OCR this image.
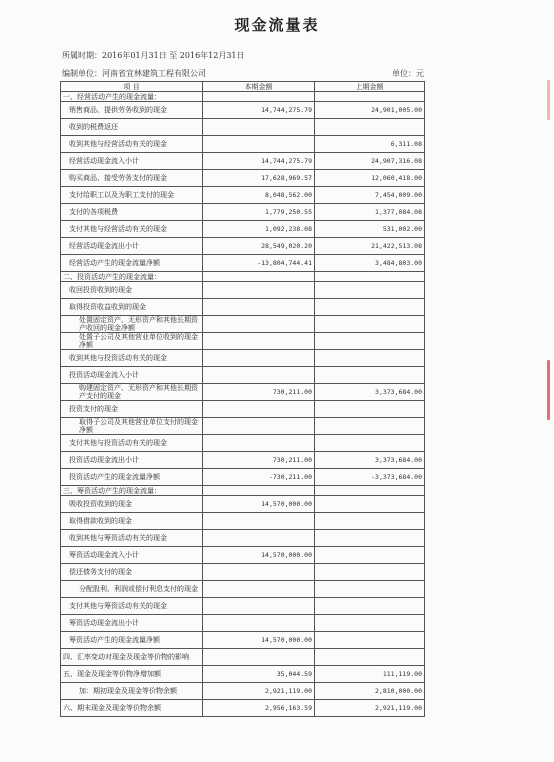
现金流量表
所属时期：2016年01月31日 至 2016年12月31日
编制单位：河南省宜林建筑工程有限公司	单位：元
项 目	本期金额	上期金额
一、经营活动产生的现金流量：		
销售商品、提供劳务收到的现金	14,744,275.79	24,901,005.00
收到的税费返还		
收到其他与经营活动有关的现金		6,311.08
经营活动现金流入小计	14,744,275.79	24,907,316.08
购买商品、接受劳务支付的现金	17,628,969.57	12,060,418.00
支付给职工以及为职工支付的现金	8,048,562.00	7,454,009.00
支付的各项税费	1,779,250.55	1,377,084.08
支付其他与经营活动有关的现金	1,092,238.08	531,002.00
经营活动现金流出小计	28,549,020.20	21,422,513.08
经营活动产生的现金流量净额	-13,804,744.41	3,484,803.00
二、投资活动产生的现金流量：		
收回投资收到的现金		
取得投资收益收到的现金		
处置固定资产、无形资产和其他长期资产收回的现金净额		
处置子公司及其他营业单位收到的现金净额		
收到其他与投资活动有关的现金		
投资活动现金流入小计		
购建固定资产、无形资产和其他长期资产支付的现金	730,211.00	3,373,684.00
投资支付的现金		
取得子公司及其他营业单位支付的现金净额		
支付其他与投资活动有关的现金		
投资活动现金流出小计	730,211.00	3,373,684.00
投资活动产生的现金流量净额	-730,211.00	-3,373,684.00
三、筹资活动产生的现金流量：		
吸收投资收到的现金	14,570,000.00	
取得借款收到的现金		
收到其他与筹资活动有关的现金		
筹资活动现金流入小计	14,570,000.00	
偿还债务支付的现金		
分配股利、利润或偿付利息支付的现金		
支付其他与筹资活动有关的现金		
筹资活动现金流出小计		
筹资活动产生的现金流量净额	14,570,000.00	
四、汇率变动对现金及现金等价物的影响		
五、现金及现金等价物净增加额	35,044.59	111,119.00
加：期初现金及现金等价物余额	2,921,119.00	2,810,000.00
六、期末现金及现金等价物余额	2,956,163.59	2,921,119.00
